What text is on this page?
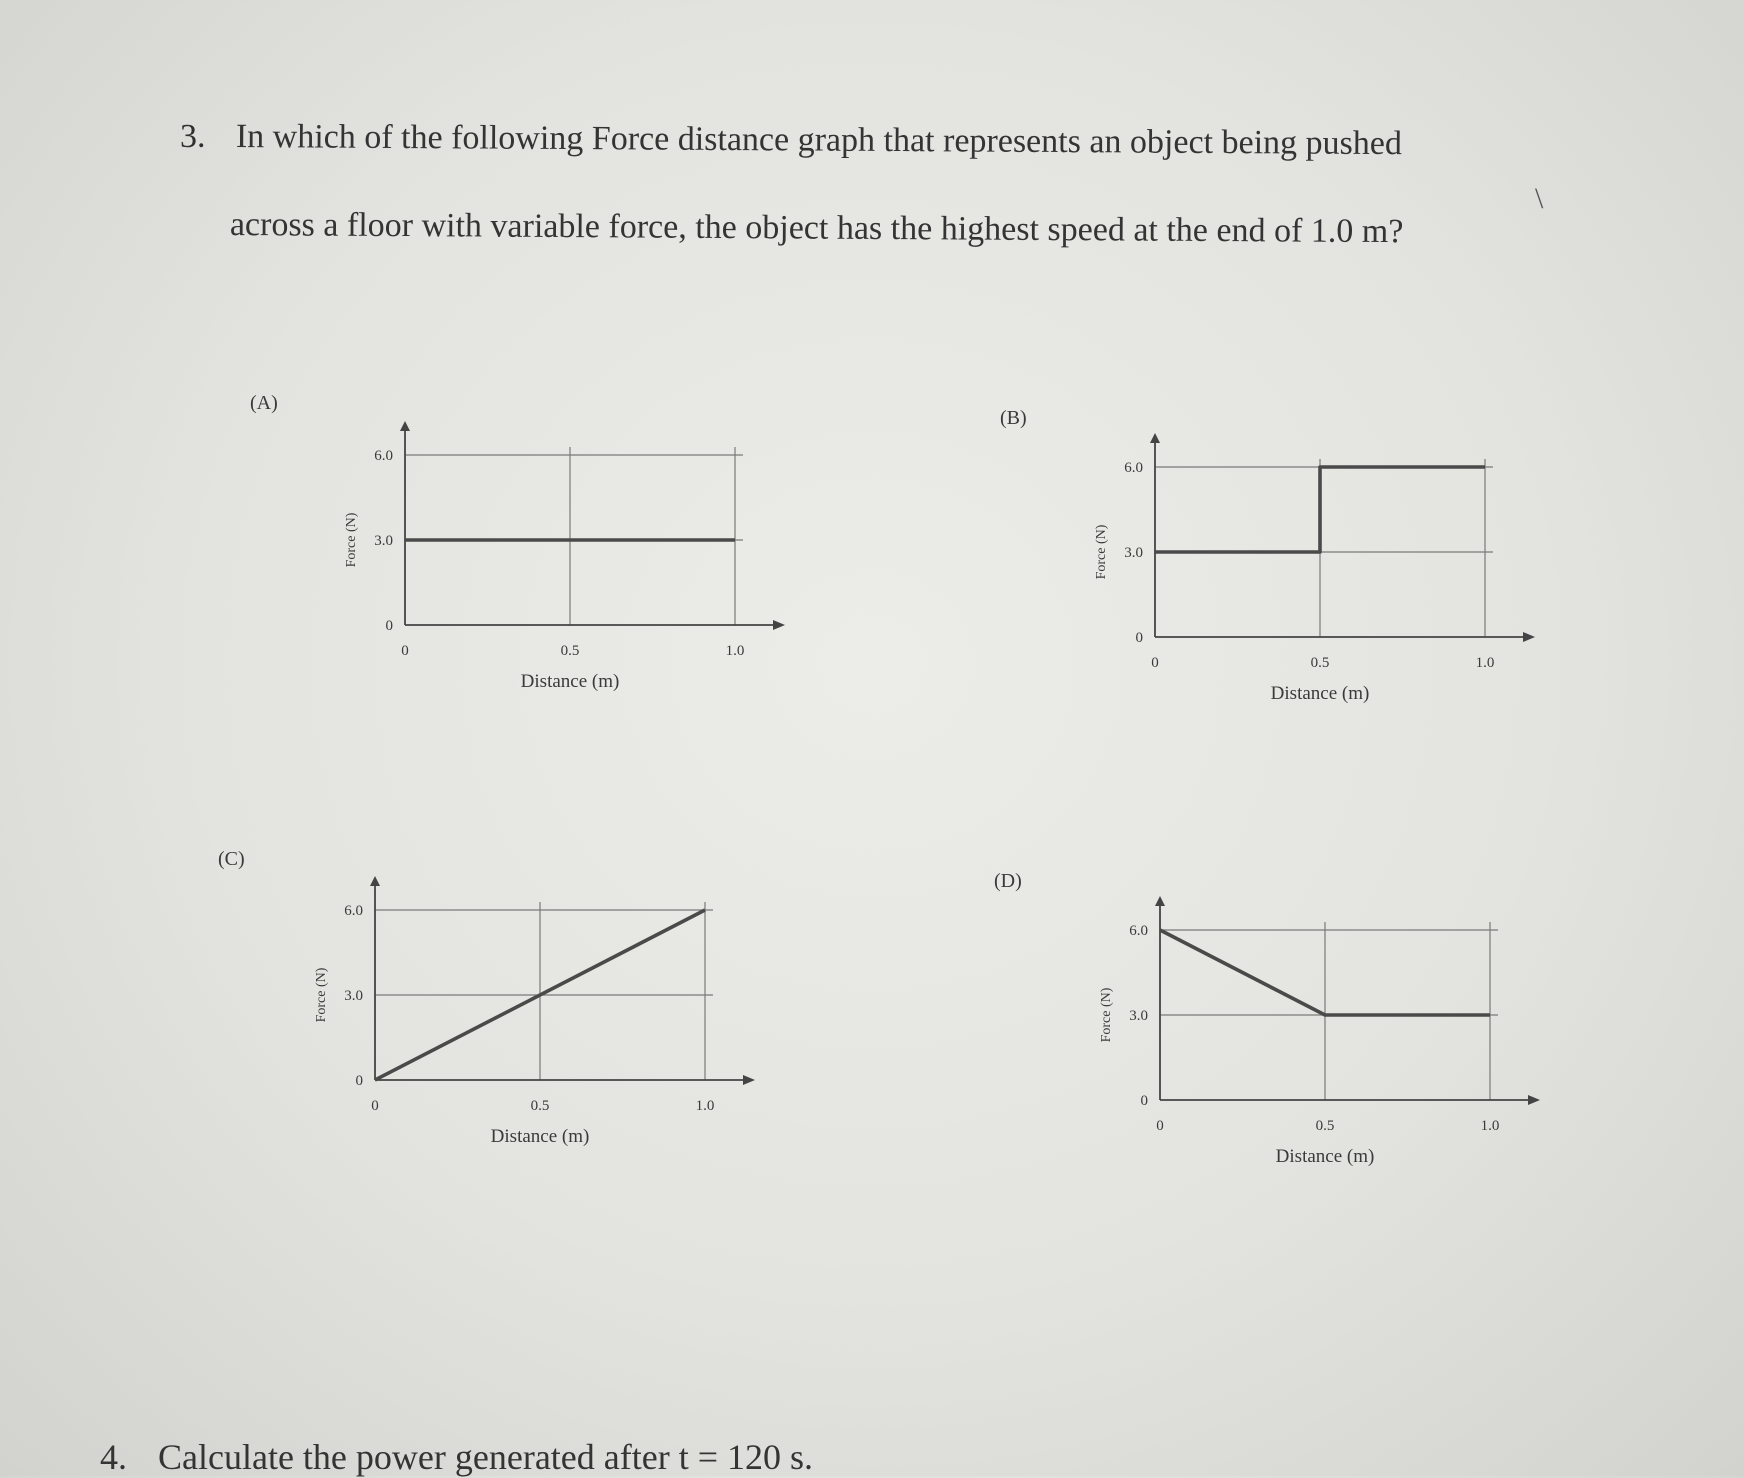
3. In which of the following Force distance graph that represents an object being pushed
across a floor with variable force, the object has the highest speed at the end of 1.0 m?
\
(A)
(B)
(C)
(D)
0
3.0
6.0
0	0.5	1.0
Distance (m)
Force (N)
0
3.0
6.0
0	0.5	1.0
Distance (m)
Force (N)
0
3.0
6.0
0	0.5	1.0
Distance (m)
Force (N)
0
3.0
6.0
0	0.5	1.0
Distance (m)
Force (N)
4. Calculate the power generated after t = 120 s.
